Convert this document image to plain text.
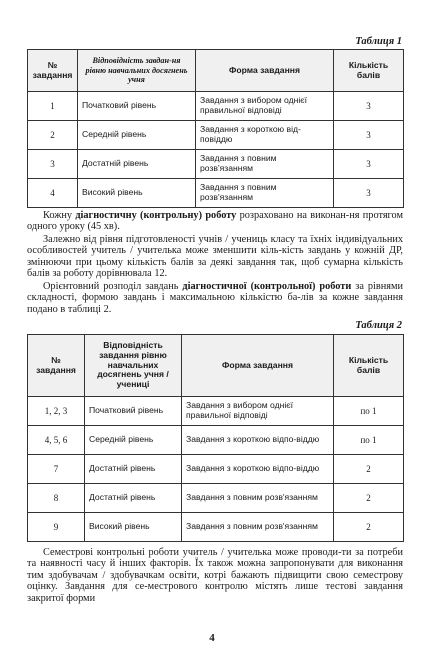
Таблиця 1
№ завдання	Відповідність завдан-ня рівню навчальних досягнень учня	Форма завдання	Кількість балів
1	Початковий рівень	Завдання з вибором однієї правильної відповіді	3
2	Середній рівень	Завдання з короткою від-повіддю	3
3	Достатній рівень	Завдання з повним розв'язанням	3
4	Високий рівень	Завдання з повним розв'язанням	3

Кожну діагностичну (контрольну) роботу розраховано на виконан-ня протягом одного уроку (45 хв).

Залежно від рівня підготовленості учнів / учениць класу та їхніх індивідуальних особливостей учитель / учителька може зменшити кіль-кість завдань у кожній ДР, змінюючи при цьому кількість балів за деякі завдання так, щоб сумарна кількість балів за роботу дорівнювала 12.

Орієнтовний розподіл завдань діагностичної (контрольної) роботи за рівнями складності, формою завдань і максимальною кількістю ба-лів за кожне завдання подано в таблиці 2.

Таблиця 2
№ завдання	Відповідність завдання рівню навчальних досягнень учня / учениці	Форма завдання	Кількість балів
1, 2, 3	Початковий рівень	Завдання з вибором однієї правильної відповіді	по 1
4, 5, 6	Середній рівень	Завдання з короткою відпо-віддю	по 1
7	Достатній рівень	Завдання з короткою відпо-віддю	2
8	Достатній рівень	Завдання з повним розв'язанням	2
9	Високий рівень	Завдання з повним розв'язанням	2

Семестрові контрольні роботи учитель / учителька може проводи-ти за потреби та наявності часу й інших факторів. Їх також можна запропонувати для виконання тим здобувачам / здобувачкам освіти, котрі бажають підвищити свою семестрову оцінку. Завдання для се-местрового контролю містять лише тестові завдання закритої форми

4
